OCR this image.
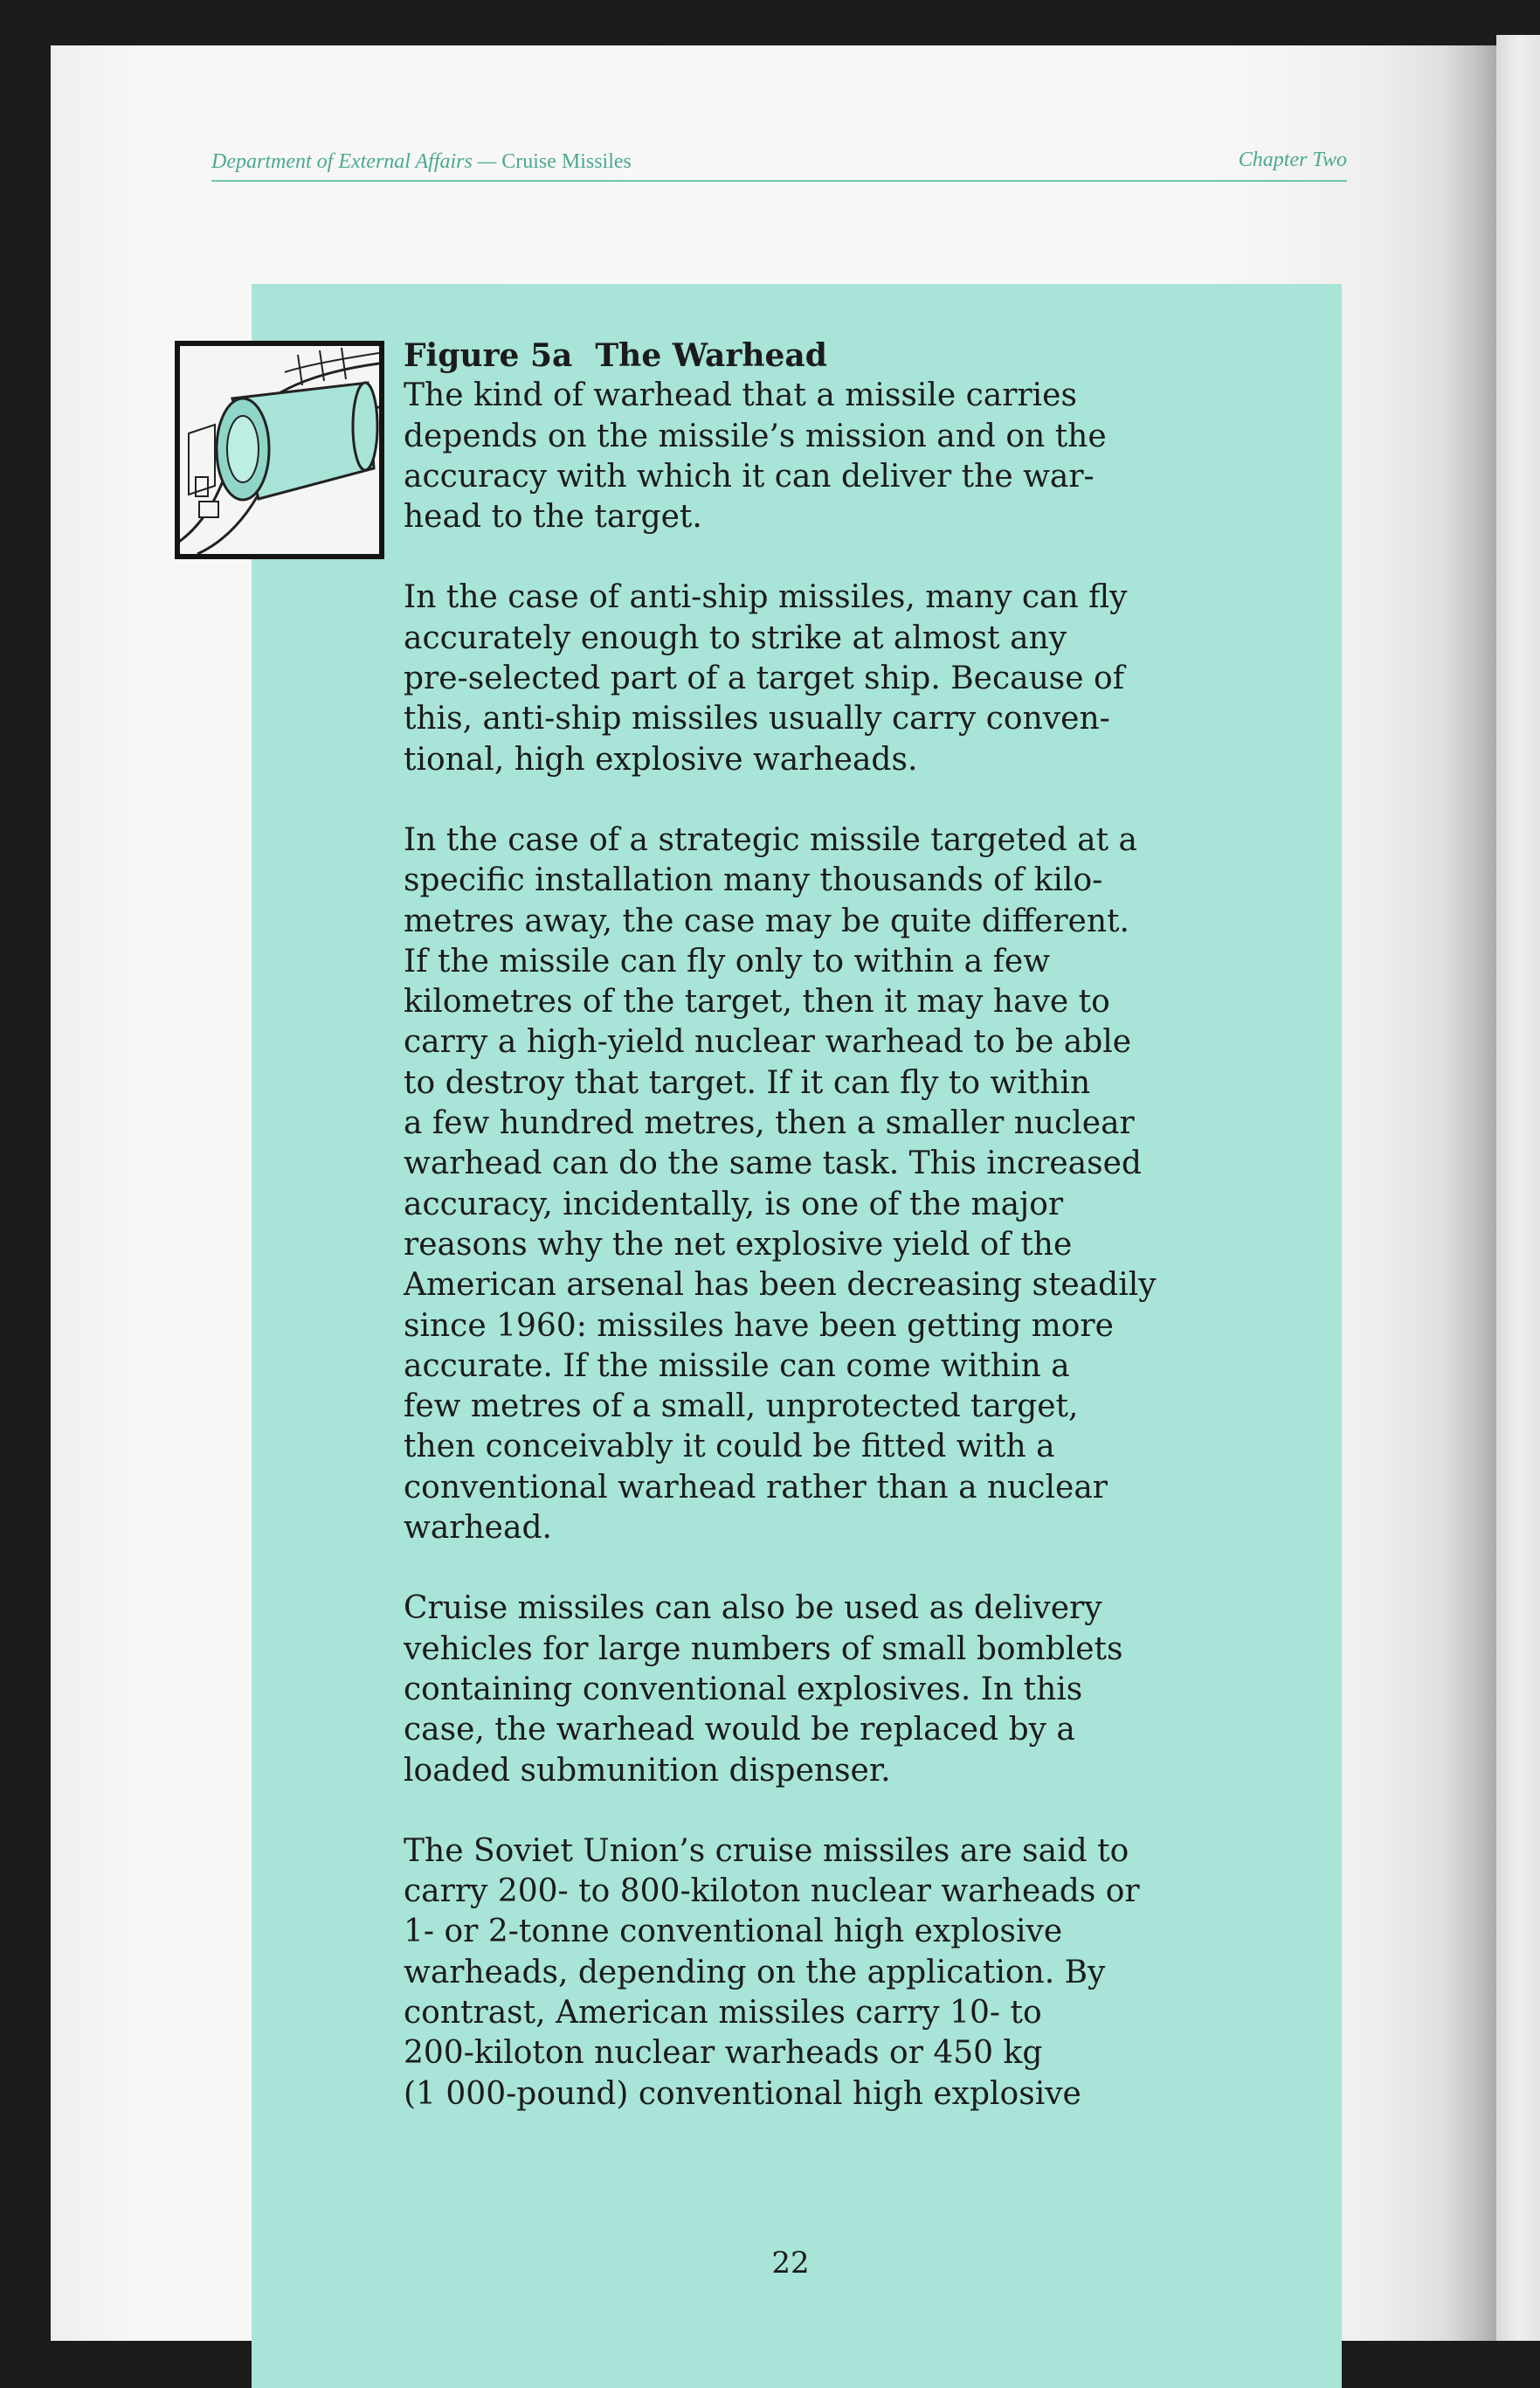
Department of External Affairs — Cruise Missiles	Chapter Two
Figure 5a The Warhead
The kind of warhead that a missile carries
depends on the missile’s mission and on the
accuracy with which it can deliver the war-
head to the target.
In the case of anti-ship missiles, many can fly
accurately enough to strike at almost any
pre-selected part of a target ship. Because of
this, anti-ship missiles usually carry conven-
tional, high explosive warheads.
In the case of a strategic missile targeted at a
specific installation many thousands of kilo-
metres away, the case may be quite different.
If the missile can fly only to within a few
kilometres of the target, then it may have to
carry a high-yield nuclear warhead to be able
to destroy that target. If it can fly to within
a few hundred metres, then a smaller nuclear
warhead can do the same task. This increased
accuracy, incidentally, is one of the major
reasons why the net explosive yield of the
American arsenal has been decreasing steadily
since 1960: missiles have been getting more
accurate. If the missile can come within a
few metres of a small, unprotected target,
then conceivably it could be fitted with a
conventional warhead rather than a nuclear
warhead.
Cruise missiles can also be used as delivery
vehicles for large numbers of small bomblets
containing conventional explosives. In this
case, the warhead would be replaced by a
loaded submunition dispenser.
The Soviet Union’s cruise missiles are said to
carry 200- to 800-kiloton nuclear warheads or
1- or 2-tonne conventional high explosive
warheads, depending on the application. By
contrast, American missiles carry 10- to
200-kiloton nuclear warheads or 450 kg
(1 000-pound) conventional high explosive
22
